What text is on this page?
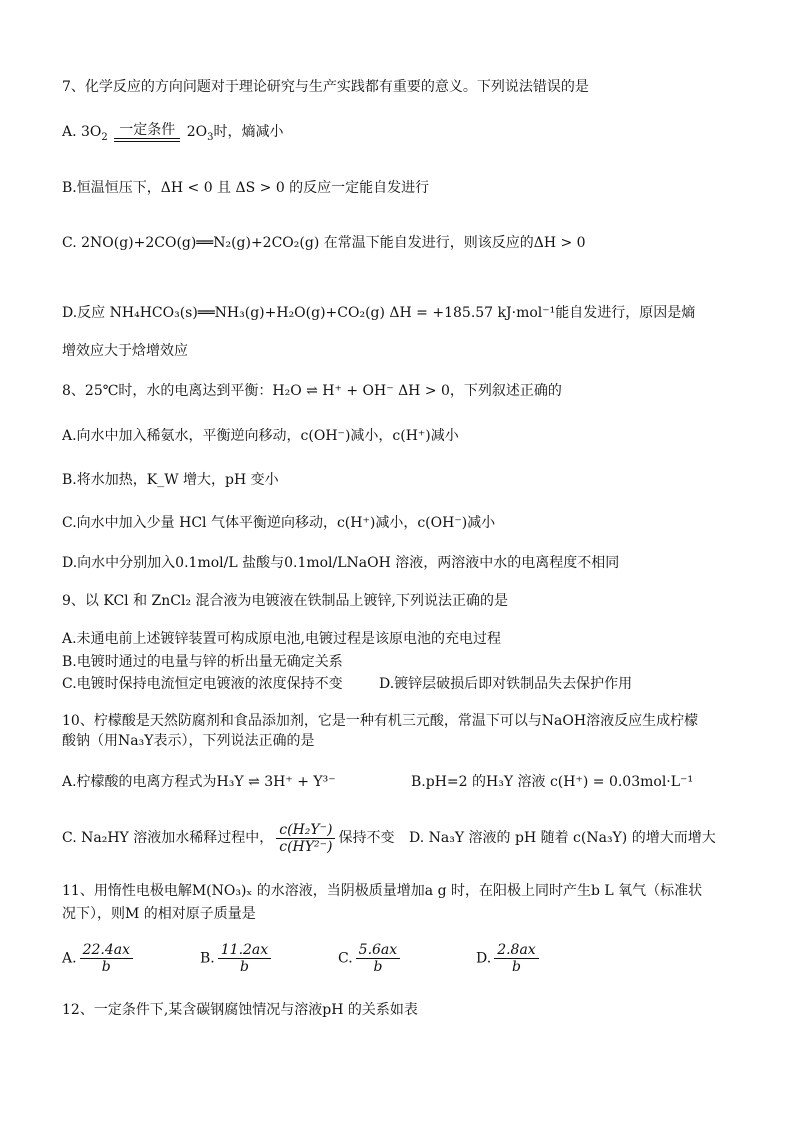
7、化学反应的方向问题对于理论研究与生产实践都有重要的意义。下列说法错误的是
A. $3O_2$ 一定条件 $2O_3$时，熵减小
B.恒温恒压下，ΔH < 0 且 ΔS > 0 的反应一定能自发进行
C. 2NO(g)+2CO(g)══N₂(g)+2CO₂(g) 在常温下能自发进行，则该反应的ΔH > 0
D.反应 NH₄HCO₃(s)══NH₃(g)+H₂O(g)+CO₂(g) ΔH = +185.57 kJ·mol⁻¹能自发进行，原因是熵
增效应大于焓增效应
8、25℃时，水的电离达到平衡：H₂O ⇌ H⁺ + OH⁻ ΔH > 0，下列叙述正确的
A.向水中加入稀氨水，平衡逆向移动，c(OH⁻)减小，c(H⁺)减小
B.将水加热，K_W 增大，pH 变小
C.向水中加入少量 HCl 气体平衡逆向移动，c(H⁺)减小，c(OH⁻)减小
D.向水中分别加入0.1mol/L 盐酸与0.1mol/LNaOH 溶液，两溶液中水的电离程度不相同
9、以 KCl 和 ZnCl₂ 混合液为电镀液在铁制品上镀锌,下列说法正确的是
A.未通电前上述镀锌装置可构成原电池,电镀过程是该原电池的充电过程
B.电镀时通过的电量与锌的析出量无确定关系
C.电镀时保持电流恒定电镀液的浓度保持不变	D.镀锌层破损后即对铁制品失去保护作用
10、柠檬酸是天然防腐剂和食品添加剂，它是一种有机三元酸，常温下可以与NaOH溶液反应生成柠檬
酸钠（用Na₃Y表示），下列说法正确的是
A.柠檬酸的电离方程式为H₃Y ⇌ 3H⁺ + Y³⁻	B.pH=2 的H₃Y 溶液 c(H⁺) = 0.03mol·L⁻¹
C. Na₂HY 溶液加水稀释过程中， $\frac{\text{c(H₂Y⁻)}}{\text{c(HY²⁻)}}$ 保持不变 D. Na₃Y 溶液的 pH 随着 c(Na₃Y) 的增大而增大
11、用惰性电极电解M(NO₃)ₓ 的水溶液，当阴极质量增加a g 时，在阳极上同时产生b L 氧气（标准状
况下），则M 的相对原子质量是
A. $\frac{22.4ax}{b}$	B. $\frac{11.2ax}{b}$	C. $\frac{5.6ax}{b}$	D. $\frac{2.8ax}{b}$
12、一定条件下,某含碳钢腐蚀情况与溶液pH 的关系如表
